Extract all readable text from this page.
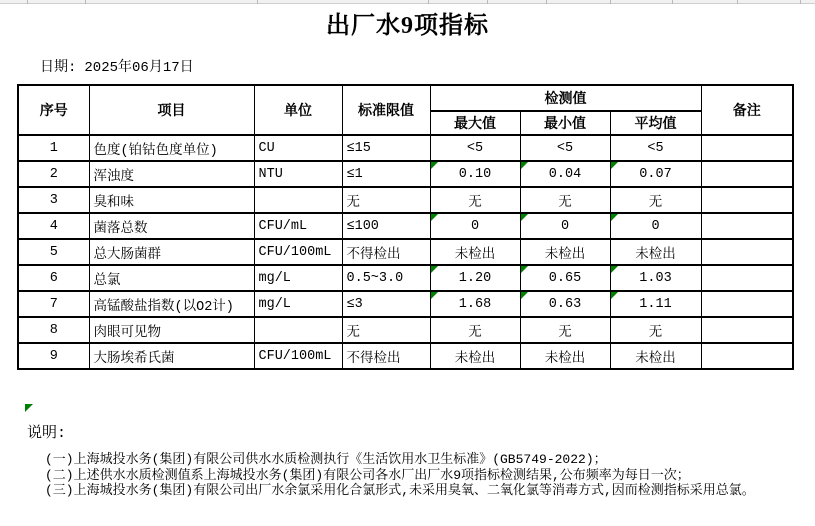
出厂水9项指标
日期: 2025年06月17日
序号	项目	单位	标准限值	检测值			备注
				最大值	最小值	平均值	
1	色度(铂钴色度单位)	CU	≤15	<5	<5	<5	
2	浑浊度	NTU	≤1	0.10	0.04	0.07	
3	臭和味		无	无	无	无	
4	菌落总数	CFU/mL	≤100	0	0	0	
5	总大肠菌群	CFU/100mL	不得检出	未检出	未检出	未检出	
6	总氯	mg/L	0.5~3.0	1.20	0.65	1.03	
7	高锰酸盐指数(以O2计)	mg/L	≤3	1.68	0.63	1.11	
8	肉眼可见物		无	无	无	无	
9	大肠埃希氏菌	CFU/100mL	不得检出	未检出	未检出	未检出	
说明:

(一)上海城投水务(集团)有限公司供水水质检测执行《生活饮用水卫生标准》(GB5749-2022)；

(二)上述供水水质检测值系上海城投水务(集团)有限公司各水厂出厂水9项指标检测结果,公布频率为每日一次；

(三)上海城投水务(集团)有限公司出厂水余氯采用化合氯形式,未采用臭氧、二氧化氯等消毒方式,因而检测指标采用总氯。
